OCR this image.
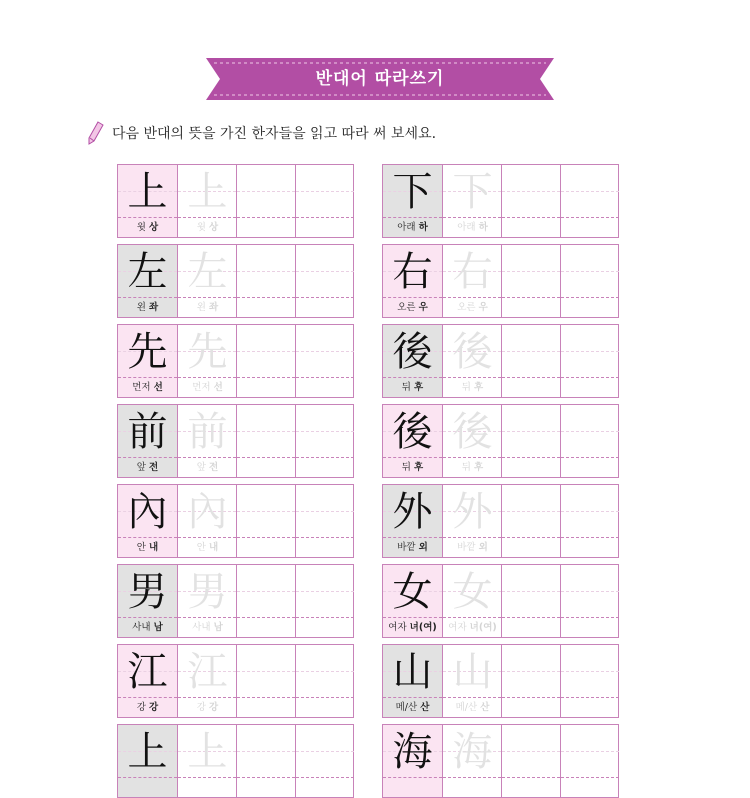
반대어 따라쓰기
다음 반대의 뜻을 가진 한자들을 읽고 따라 써 보세요.
上
윗 상
上
윗 상
左
왼 좌
左
왼 좌
先
먼저 선
先
먼저 선
前
앞 전
前
앞 전
內
안 내
內
안 내
男
사내 남
男
사내 남
江
강 강
江
강 강
上 上
下
아래 하
下
아래 하
右
오른 우
右
오른 우
後
뒤 후
後
뒤 후
後
뒤 후
後
뒤 후
外
바깥 외
外
바깥 외
女
여자 녀(여)
女
여자 녀(여)
山
메/산 산
山
메/산 산
海 海
